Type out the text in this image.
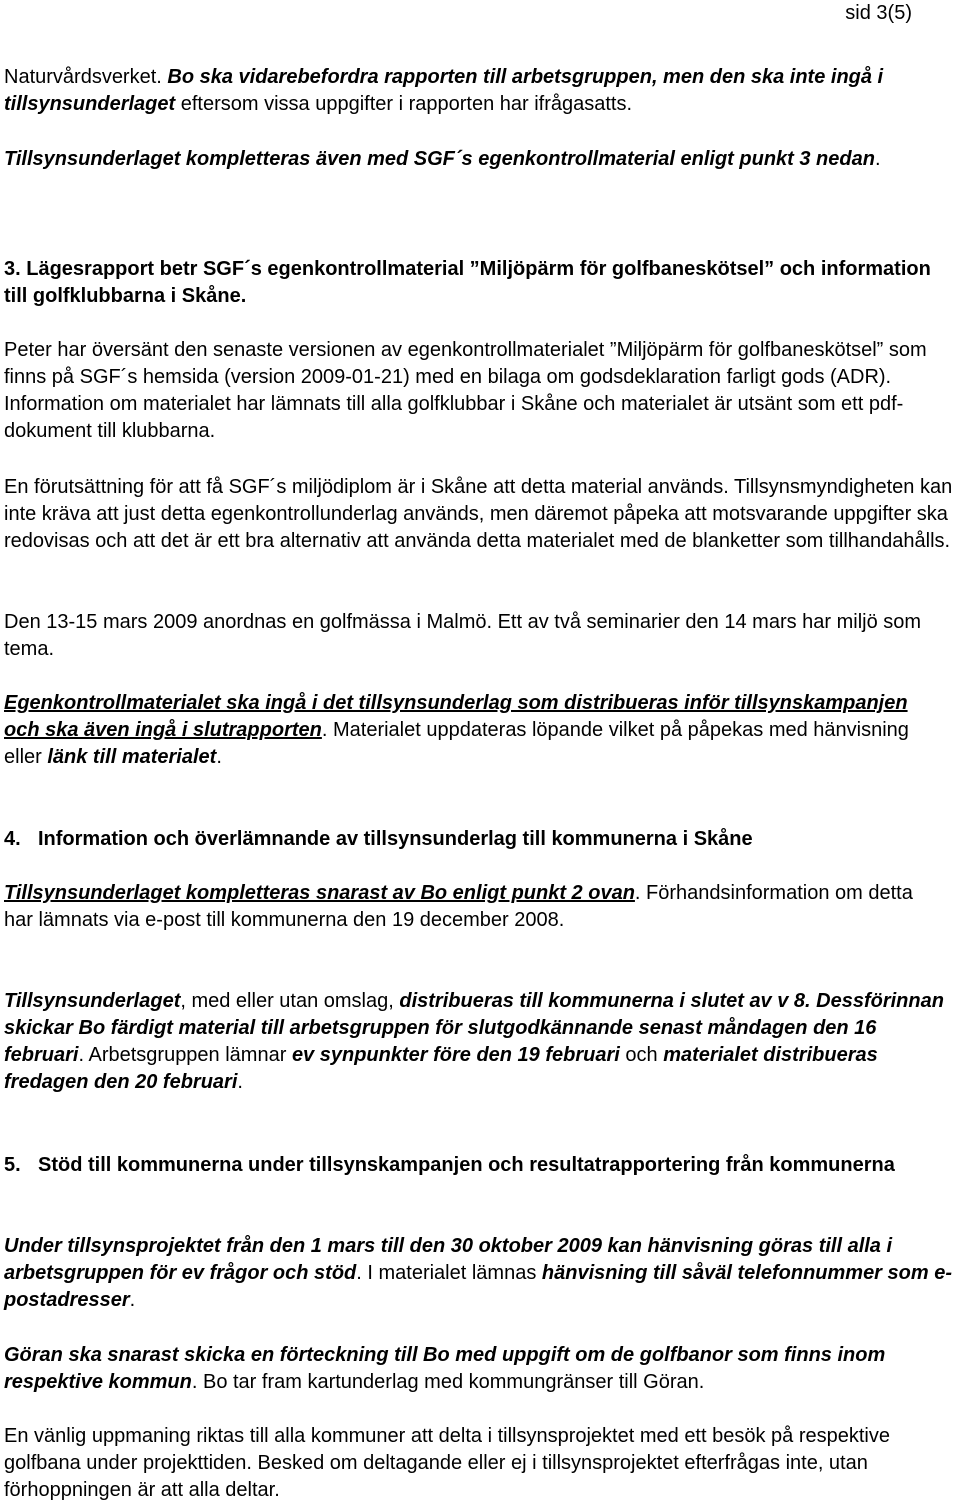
sid 3(5)

Naturvårdsverket. Bo ska vidarebefordra rapporten till arbetsgruppen, men den ska inte ingå i tillsynsunderlaget eftersom vissa uppgifter i rapporten har ifrågasatts.

Tillsynsunderlaget kompletteras även med SGF´s egenkontrollmaterial enligt punkt 3 nedan.

3. Lägesrapport betr SGF´s egenkontrollmaterial ”Miljöpärm för golfbaneskötsel” och information till golfklubbarna i Skåne.

Peter har översänt den senaste versionen av egenkontrollmaterialet ”Miljöpärm för golfbaneskötsel” som finns på SGF´s hemsida (version 2009-01-21) med en bilaga om godsdeklaration farligt gods (ADR). Information om materialet har lämnats till alla golfklubbar i Skåne och materialet är utsänt som ett pdf-dokument till klubbarna.

En förutsättning för att få SGF´s miljödiplom är i Skåne att detta material används. Tillsynsmyndigheten kan inte kräva att just detta egenkontrollunderlag används, men däremot påpeka att motsvarande uppgifter ska redovisas och att det är ett bra alternativ att använda detta materialet med de blanketter som tillhandahålls.

Den 13-15 mars 2009 anordnas en golfmässa i Malmö. Ett av två seminarier den 14 mars har miljö som tema.

Egenkontrollmaterialet ska ingå i det tillsynsunderlag som distribueras inför tillsynskampanjen och ska även ingå i slutrapporten. Materialet uppdateras löpande vilket på påpekas med hänvisning eller länk till materialet.

4. Information och överlämnande av tillsynsunderlag till kommunerna i Skåne

Tillsynsunderlaget kompletteras snarast av Bo enligt punkt 2 ovan. Förhandsinformation om detta har lämnats via e-post till kommunerna den 19 december 2008.

Tillsynsunderlaget, med eller utan omslag, distribueras till kommunerna i slutet av v 8. Dessförinnan skickar Bo färdigt material till arbetsgruppen för slutgodkännande senast måndagen den 16 februari. Arbetsgruppen lämnar ev synpunkter före den 19 februari och materialet distribueras fredagen den 20 februari.

5. Stöd till kommunerna under tillsynskampanjen och resultatrapportering från kommunerna

Under tillsynsprojektet från den 1 mars till den 30 oktober 2009 kan hänvisning göras till alla i arbetsgruppen för ev frågor och stöd. I materialet lämnas hänvisning till såväl telefonnummer som e-postadresser.

Göran ska snarast skicka en förteckning till Bo med uppgift om de golfbanor som finns inom respektive kommun. Bo tar fram kartunderlag med kommungränser till Göran.

En vänlig uppmaning riktas till alla kommuner att delta i tillsynsprojektet med ett besök på respektive golfbana under projekttiden. Besked om deltagande eller ej i tillsynsprojektet efterfrågas inte, utan förhoppningen är att alla deltar.
